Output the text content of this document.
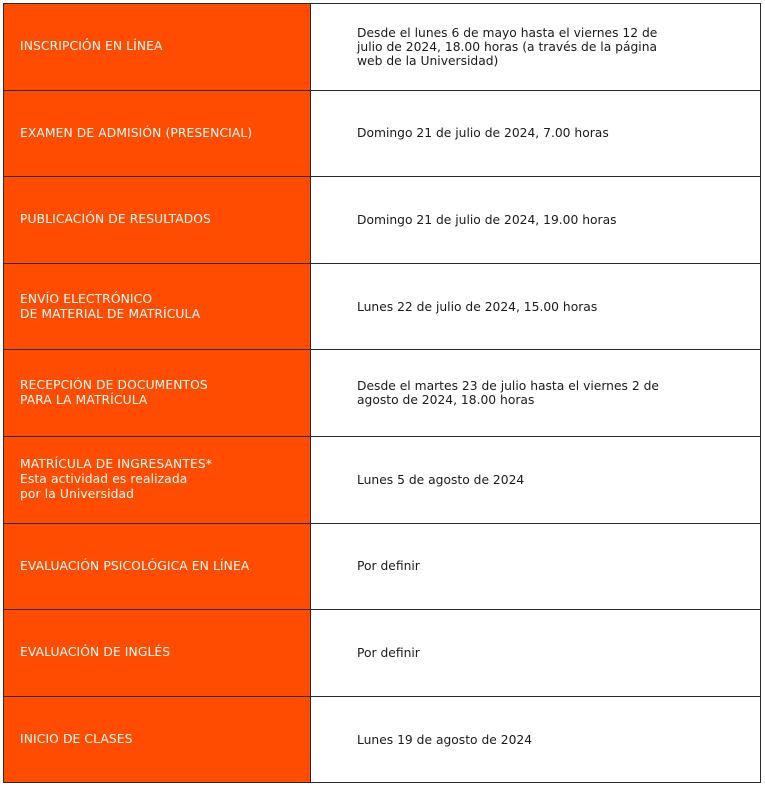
INSCRIPCIÓN EN LÍNEA	Desde el lunes 6 de mayo hasta el viernes 12 de
julio de 2024, 18.00 horas (a través de la página
web de la Universidad)

EXAMEN DE ADMISIÓN (PRESENCIAL)	Domingo 21 de julio de 2024, 7.00 horas

PUBLICACIÓN DE RESULTADOS	Domingo 21 de julio de 2024, 19.00 horas

ENVÍO ELECTRÓNICO
DE MATERIAL DE MATRÍCULA	Lunes 22 de julio de 2024, 15.00 horas

RECEPCIÓN DE DOCUMENTOS
PARA LA MATRÍCULA	Desde el martes 23 de julio hasta el viernes 2 de
agosto de 2024, 18.00 horas

MATRÍCULA DE INGRESANTES*
Esta actividad es realizada
por la Universidad	Lunes 5 de agosto de 2024

EVALUACIÓN PSICOLÓGICA EN LÍNEA	Por definir

EVALUACIÓN DE INGLÉS	Por definir

INICIO DE CLASES	Lunes 19 de agosto de 2024
